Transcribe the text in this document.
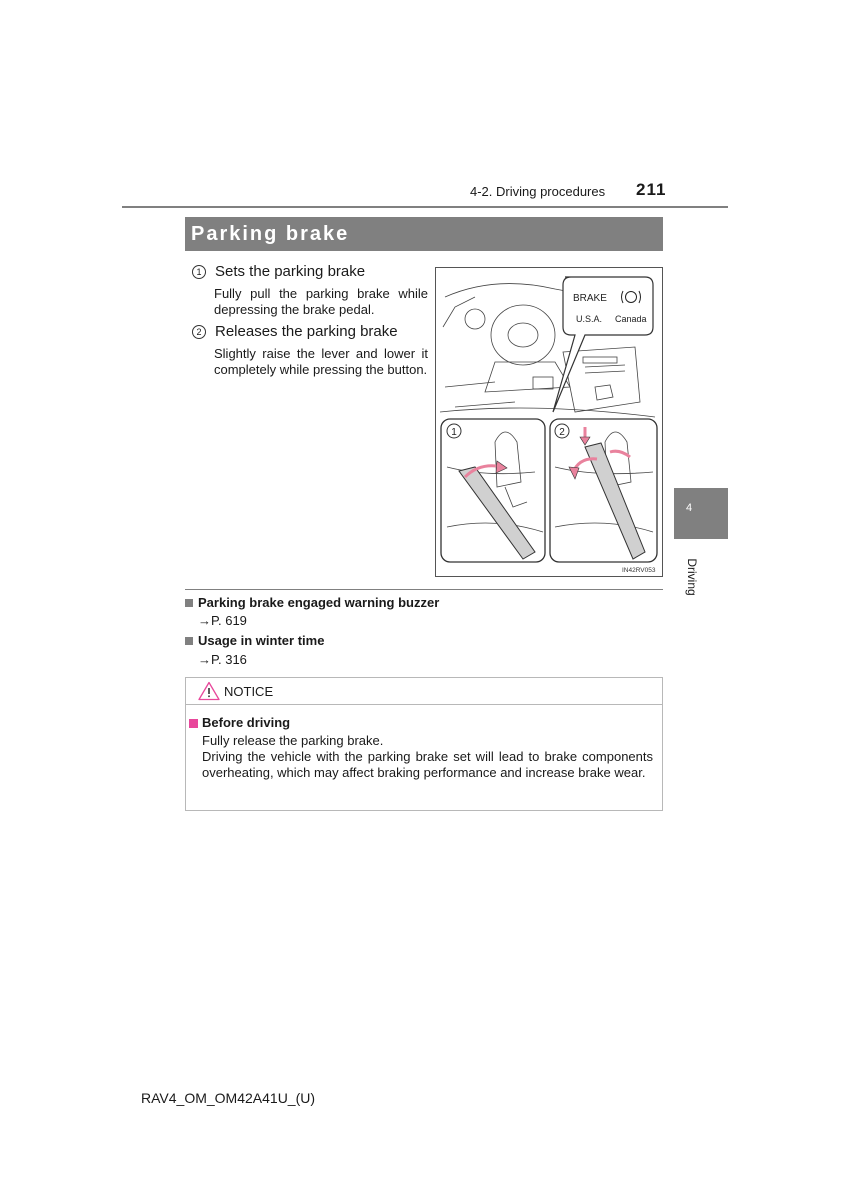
4-2. Driving procedures 211
Parking brake
1 Sets the parking brake
Fully pull the parking brake while depressing the brake pedal.
2 Releases the parking brake
Slightly raise the lever and lower it completely while pressing the button.
BRAKE
U.S.A. Canada
1	2
IN42RV053
4
Driving
Parking brake engaged warning buzzer
→P. 619
Usage in winter time
→P. 316
NOTICE
Before driving
Fully release the parking brake.
Driving the vehicle with the parking brake set will lead to brake components overheating, which may affect braking performance and increase brake wear.
RAV4_OM_OM42A41U_(U)
